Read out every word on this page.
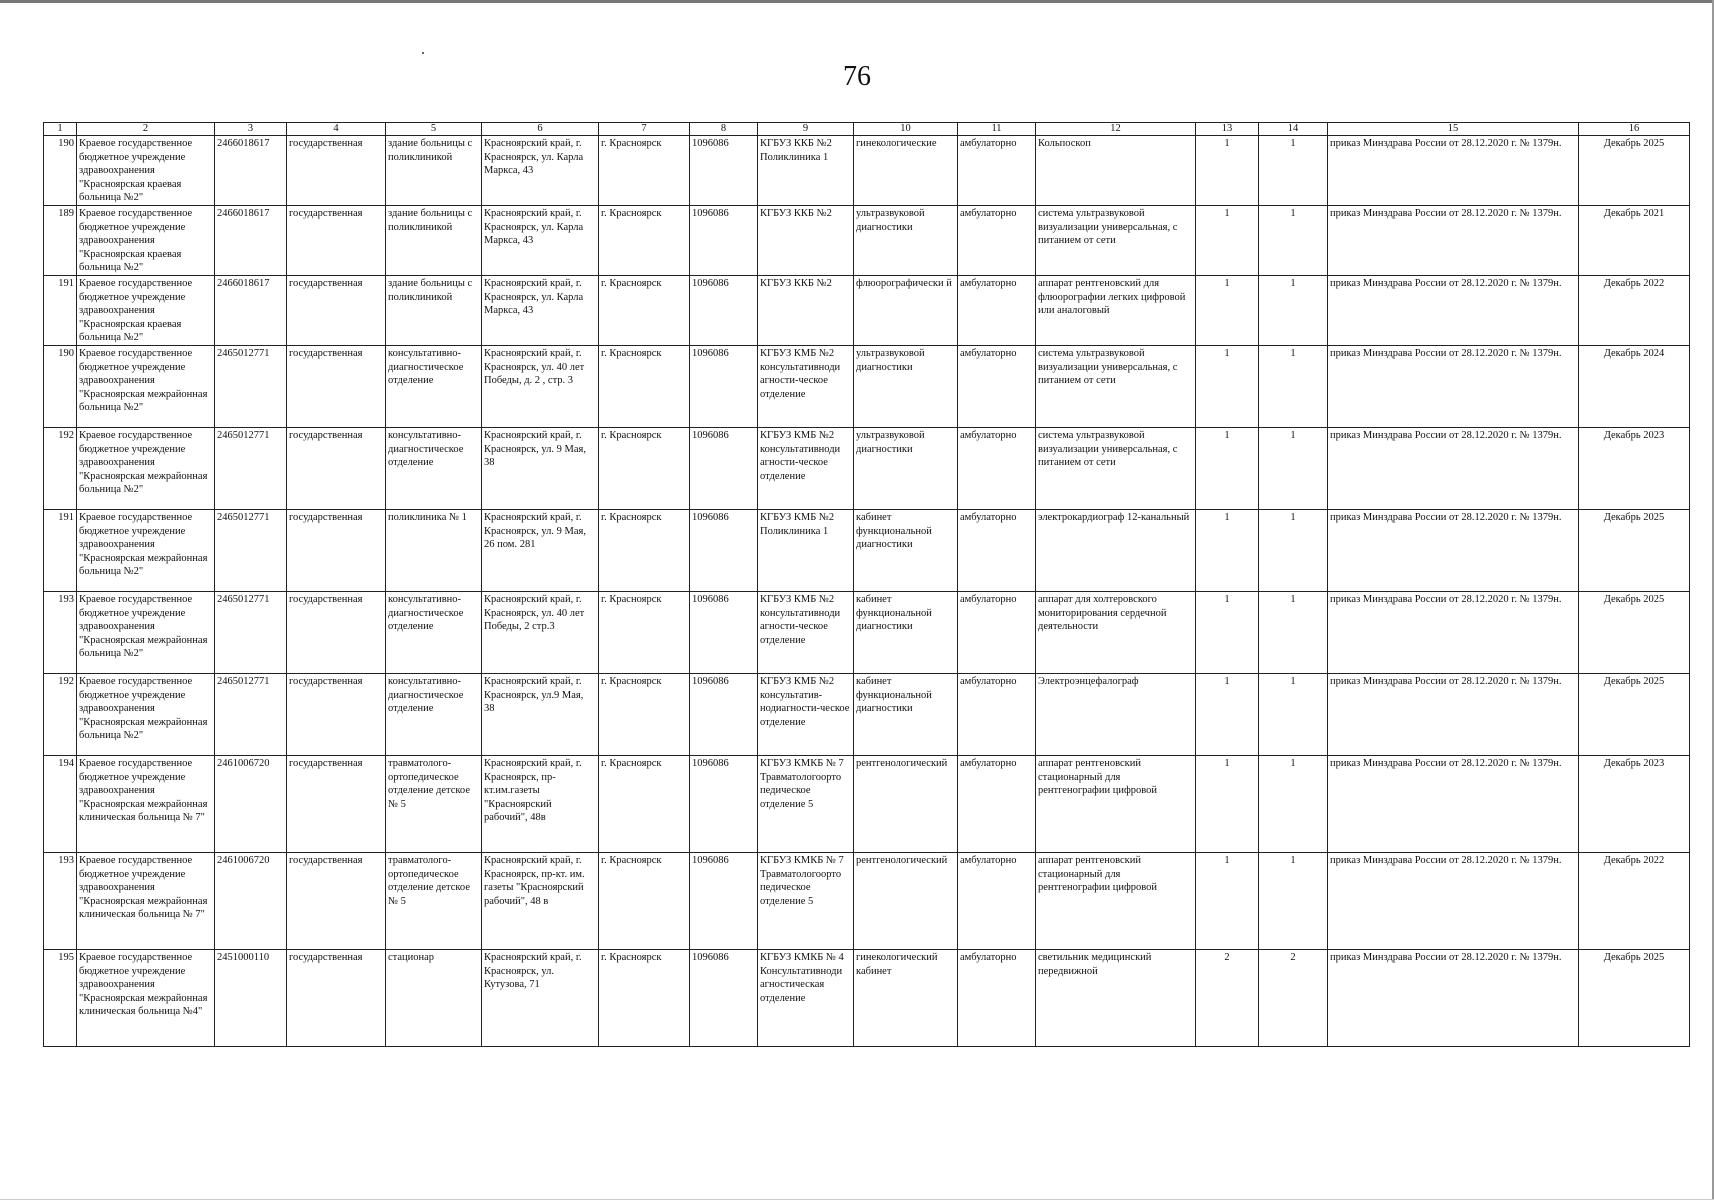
76
1	2	3	4	5	6	7	8	9	10	11	12	13	14	15	16
190	Краевое государственное бюджетное учреждение здравоохранения "Красноярская краевая больница №2"	2466018617	государственная	здание больницы с поликлиникой	Красноярский край, г. Красноярск, ул. Карла Маркса, 43	г. Красноярск	1096086	КГБУЗ ККБ №2 Поликлиника 1	гинекологические	амбулаторно	Кольпоскоп	1	1	приказ Минздрава России от 28.12.2020 г. № 1379н.	Декабрь 2025
189	Краевое государственное бюджетное учреждение здравоохранения "Красноярская краевая больница №2"	2466018617	государственная	здание больницы с поликлиникой	Красноярский край, г. Красноярск, ул. Карла Маркса, 43	г. Красноярск	1096086	КГБУЗ ККБ №2	ультразвуковой диагностики	амбулаторно	система ультразвуковой визуализации универсальная, с питанием от сети	1	1	приказ Минздрава России от 28.12.2020 г. № 1379н.	Декабрь 2021
191	Краевое государственное бюджетное учреждение здравоохранения "Красноярская краевая больница №2"	2466018617	государственная	здание больницы с поликлиникой	Красноярский край, г. Красноярск, ул. Карла Маркса, 43	г. Красноярск	1096086	КГБУЗ ККБ №2	флюорографически й	амбулаторно	аппарат рентгеновский для флюорографии легких цифровой или аналоговый	1	1	приказ Минздрава России от 28.12.2020 г. № 1379н.	Декабрь 2022
190	Краевое государственное бюджетное учреждение здравоохранения "Красноярская межрайонная больница №2"	2465012771	государственная	консультативно-диагностическое отделение	Красноярский край, г. Красноярск, ул. 40 лет Победы, д. 2 , стр. 3	г. Красноярск	1096086	КГБУЗ КМБ №2 консультативноди агности-ческое отделение	ультразвуковой диагностики	амбулаторно	система ультразвуковой визуализации универсальная, с питанием от сети	1	1	приказ Минздрава России от 28.12.2020 г. № 1379н.	Декабрь 2024
192	Краевое государственное бюджетное учреждение здравоохранения "Красноярская межрайонная больница №2"	2465012771	государственная	консультативно-диагностическое отделение	Красноярский край, г. Красноярск, ул. 9 Мая, 38	г. Красноярск	1096086	КГБУЗ КМБ №2 консультативноди агности-ческое отделение	ультразвуковой диагностики	амбулаторно	система ультразвуковой визуализации универсальная, с питанием от сети	1	1	приказ Минздрава России от 28.12.2020 г. № 1379н.	Декабрь 2023
191	Краевое государственное бюджетное учреждение здравоохранения "Красноярская межрайонная больница №2"	2465012771	государственная	поликлиника № 1	Красноярский край, г. Красноярск, ул. 9 Мая, 26 пом. 281	г. Красноярск	1096086	КГБУЗ КМБ №2 Поликлиника 1	кабинет функциональной диагностики	амбулаторно	электрокардиограф 12-канальный	1	1	приказ Минздрава России от 28.12.2020 г. № 1379н.	Декабрь 2025
193	Краевое государственное бюджетное учреждение здравоохранения "Красноярская межрайонная больница №2"	2465012771	государственная	консультативно-диагностическое отделение	Красноярский край, г. Красноярск, ул. 40 лет Победы, 2 стр.3	г. Красноярск	1096086	КГБУЗ КМБ №2 консультативноди агности-ческое отделение	кабинет функциональной диагностики	амбулаторно	аппарат для холтеровского мониторирования сердечной деятельности	1	1	приказ Минздрава России от 28.12.2020 г. № 1379н.	Декабрь 2025
192	Краевое государственное бюджетное учреждение здравоохранения "Красноярская межрайонная больница №2"	2465012771	государственная	консультативно-диагностическое отделение	Красноярский край, г. Красноярск, ул.9 Мая, 38	г. Красноярск	1096086	КГБУЗ КМБ №2 консультатив-нодиагности-ческое отделение	кабинет функциональной диагностики	амбулаторно	Электроэнцефалограф	1	1	приказ Минздрава России от 28.12.2020 г. № 1379н.	Декабрь 2025
194	Краевое государственное бюджетное учреждение здравоохранения "Красноярская межрайонная клиническая больница № 7"	2461006720	государственная	травматолого-ортопедическое отделение детское № 5	Красноярский край, г. Красноярск, пр-кт.им.газеты "Красноярский рабочий", 48в	г. Красноярск	1096086	КГБУЗ КМКБ № 7 Травматологоорто педическое отделение 5	рентгенологический	амбулаторно	аппарат рентгеновский стационарный для рентгенографии цифровой	1	1	приказ Минздрава России от 28.12.2020 г. № 1379н.	Декабрь 2023
193	Краевое государственное бюджетное учреждение здравоохранения "Красноярская межрайонная клиническая больница № 7"	2461006720	государственная	травматолого-ортопедическое отделение детское № 5	Красноярский край, г. Красноярск, пр-кт. им. газеты "Красноярский рабочий", 48 в	г. Красноярск	1096086	КГБУЗ КМКБ № 7 Травматологоорто педическое отделение 5	рентгенологический	амбулаторно	аппарат рентгеновский стационарный для рентгенографии цифровой	1	1	приказ Минздрава России от 28.12.2020 г. № 1379н.	Декабрь 2022
195	Краевое государственное бюджетное учреждение здравоохранения "Красноярская межрайонная клиническая больница №4"	2451000110	государственная	стационар	Красноярский край, г. Красноярск, ул. Кутузова, 71	г. Красноярск	1096086	КГБУЗ КМКБ № 4 Консультативноди агностическая отделение	гинекологический кабинет	амбулаторно	светильник медицинский передвижной	2	2	приказ Минздрава России от 28.12.2020 г. № 1379н.	Декабрь 2025
